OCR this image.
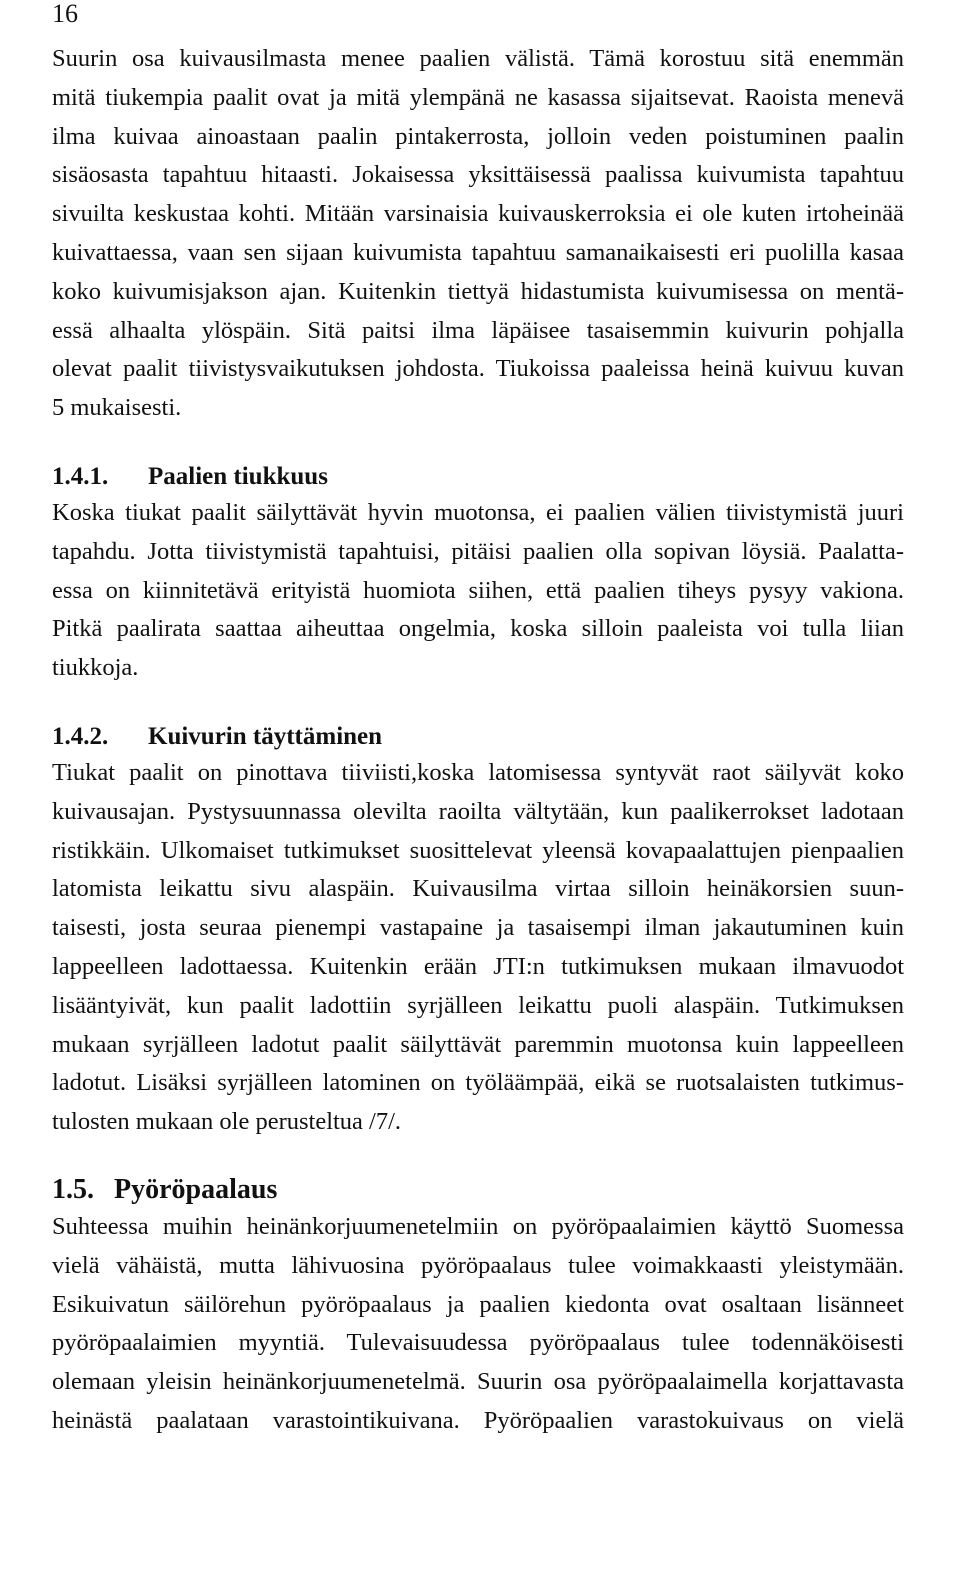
16
Suurin osa kuivausilmasta menee paalien välistä. Tämä korostuu sitä enemmän
mitä tiukempia paalit ovat ja mitä ylempänä ne kasassa sijaitsevat. Raoista menevä
ilma kuivaa ainoastaan paalin pintakerrosta, jolloin veden poistuminen paalin
sisäosasta tapahtuu hitaasti. Jokaisessa yksittäisessä paalissa kuivumista tapahtuu
sivuilta keskustaa kohti. Mitään varsinaisia kuivauskerroksia ei ole kuten irtoheinää
kuivattaessa, vaan sen sijaan kuivumista tapahtuu samanaikaisesti eri puolilla kasaa
koko kuivumisjakson ajan. Kuitenkin tiettyä hidastumista kuivumisessa on mentä-
essä alhaalta ylöspäin. Sitä paitsi ilma läpäisee tasaisemmin kuivurin pohjalla
olevat paalit tiivistysvaikutuksen johdosta. Tiukoissa paaleissa heinä kuivuu kuvan
5 mukaisesti.
1.4.1. Paalien tiukkuus
Koska tiukat paalit säilyttävät hyvin muotonsa, ei paalien välien tiivistymistä juuri
tapahdu. Jotta tiivistymistä tapahtuisi, pitäisi paalien olla sopivan löysiä. Paalatta-
essa on kiinnitetävä erityistä huomiota siihen, että paalien tiheys pysyy vakiona.
Pitkä paalirata saattaa aiheuttaa ongelmia, koska silloin paaleista voi tulla liian
tiukkoja.
1.4.2. Kuivurin täyttäminen
Tiukat paalit on pinottava tiiviisti,koska latomisessa syntyvät raot säilyvät koko
kuivausajan. Pystysuunnassa olevilta raoilta vältytään, kun paalikerrokset ladotaan
ristikkäin. Ulkomaiset tutkimukset suosittelevat yleensä kovapaalattujen pienpaalien
latomista leikattu sivu alaspäin. Kuivausilma virtaa silloin heinäkorsien suun-
taisesti, josta seuraa pienempi vastapaine ja tasaisempi ilman jakautuminen kuin
lappeelleen ladottaessa. Kuitenkin erään JTI:n tutkimuksen mukaan ilmavuodot
lisääntyivät, kun paalit ladottiin syrjälleen leikattu puoli alaspäin. Tutkimuksen
mukaan syrjälleen ladotut paalit säilyttävät paremmin muotonsa kuin lappeelleen
ladotut. Lisäksi syrjälleen latominen on työläämpää, eikä se ruotsalaisten tutkimus-
tulosten mukaan ole perusteltua /7/.
1.5. Pyöröpaalaus
Suhteessa muihin heinänkorjuumenetelmiin on pyöröpaalaimien käyttö Suomessa
vielä vähäistä, mutta lähivuosina pyöröpaalaus tulee voimakkaasti yleistymään.
Esikuivatun säilörehun pyöröpaalaus ja paalien kiedonta ovat osaltaan lisänneet
pyöröpaalaimien myyntiä. Tulevaisuudessa pyöröpaalaus tulee todennäköisesti
olemaan yleisin heinänkorjuumenetelmä. Suurin osa pyöröpaalaimella korjattavasta
heinästä paalataan varastointikuivana. Pyöröpaalien varastokuivaus on vielä
